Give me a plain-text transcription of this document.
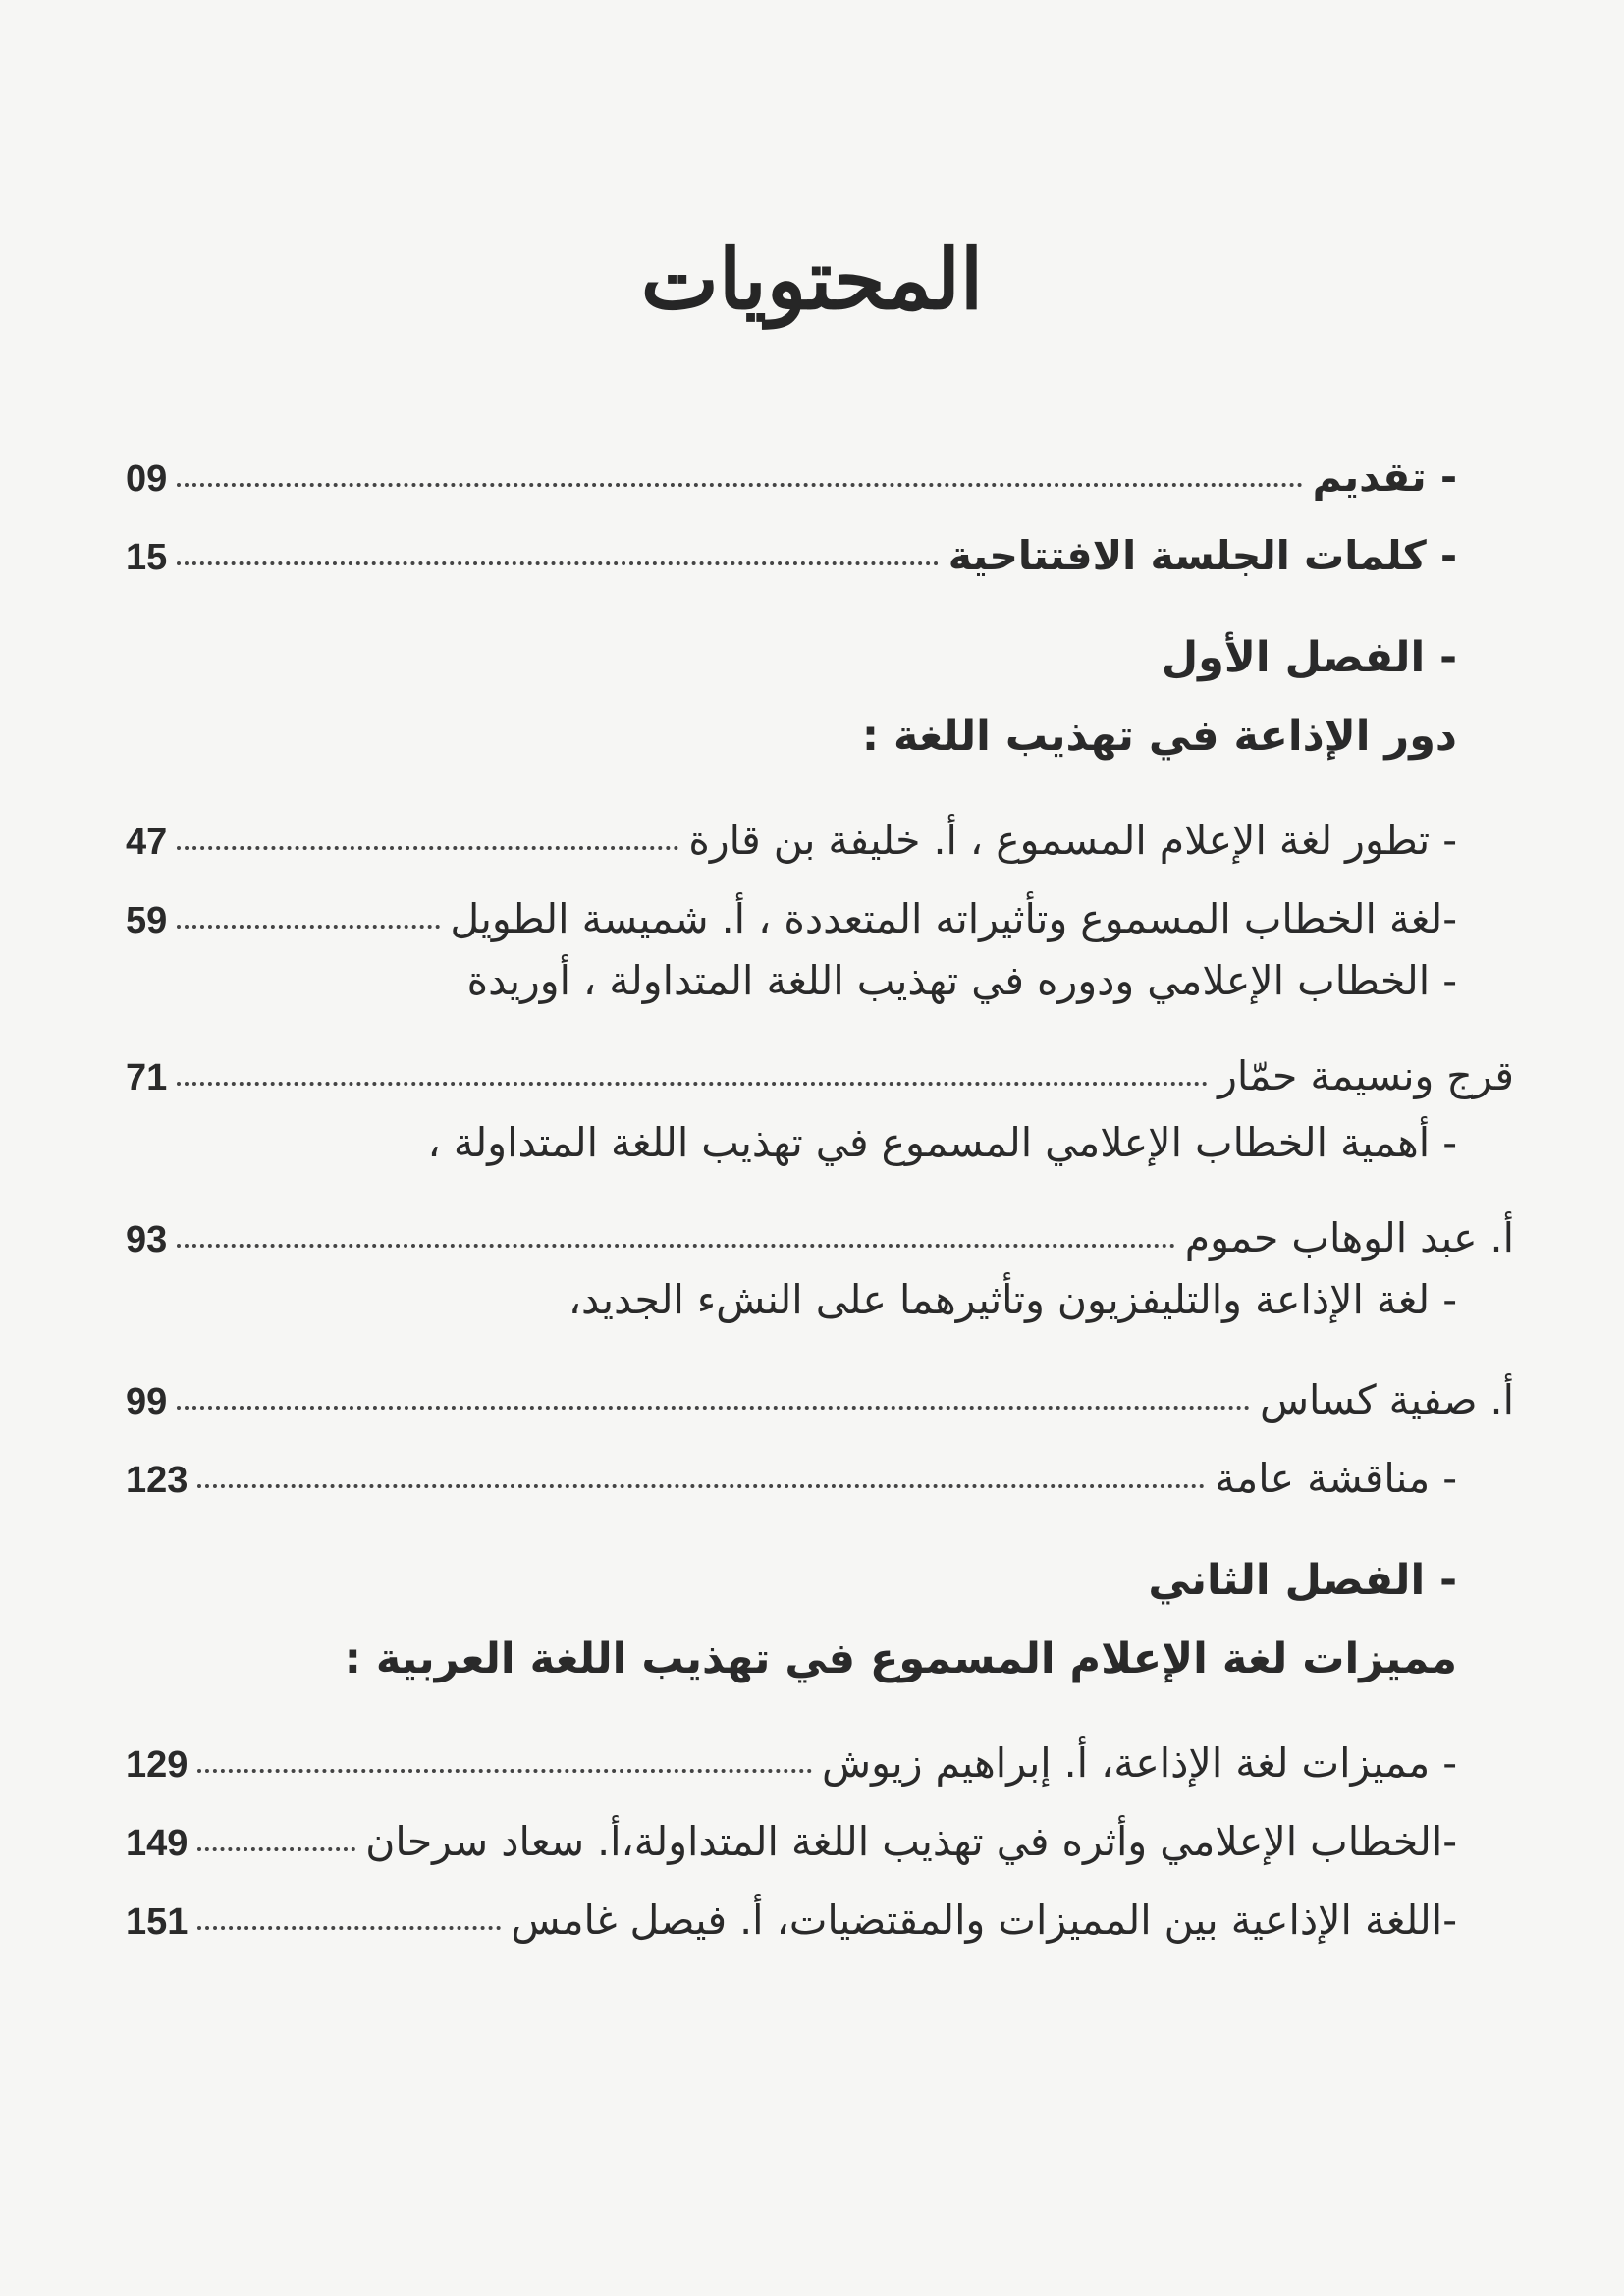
المحتويات
- تقديم
09
- كلمات الجلسة الافتتاحية
15
- الفصل الأول
دور الإذاعة في تهذيب اللغة :
- تطور لغة الإعلام المسموع ، أ. خليفة بن قارة
47
-لغة الخطاب المسموع وتأثيراته المتعددة ، أ. شميسة الطويل
59
- الخطاب الإعلامي ودوره في تهذيب اللغة المتداولة ، أوريدة
قرج ونسيمة حمّار
71
- أهمية الخطاب الإعلامي المسموع في تهذيب اللغة المتداولة ،
أ. عبد الوهاب حموم
93
- لغة الإذاعة والتليفزيون وتأثيرهما على النشء الجديد،
أ. صفية كساس
99
- مناقشة عامة
123
- الفصل الثاني
مميزات لغة الإعلام المسموع في تهذيب اللغة العربية :
- مميزات لغة الإذاعة، أ. إبراهيم زيوش
129
-الخطاب الإعلامي وأثره في تهذيب اللغة المتداولة،أ. سعاد سرحان
149
-اللغة الإذاعية بين المميزات والمقتضيات، أ. فيصل غامس
151
